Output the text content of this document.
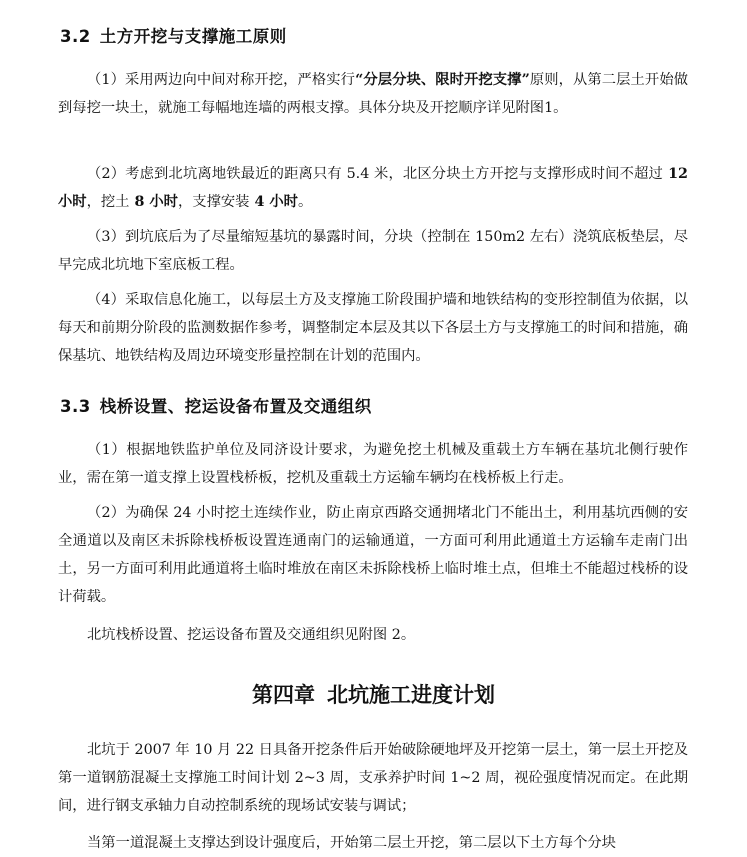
3.2 土方开挖与支撑施工原则

（1）采用两边向中间对称开挖，严格实行“分层分块、限时开挖支撑”原则，从第二层土开始做到每挖一块土，就施工每幅地连墙的两根支撑。具体分块及开挖顺序详见附图1。

（2）考虑到北坑离地铁最近的距离只有 5.4 米，北区分块土方开挖与支撑形成时间不超过 12 小时，挖土 8 小时，支撑安装 4 小时。

（3）到坑底后为了尽量缩短基坑的暴露时间，分块（控制在 150m2 左右）浇筑底板垫层，尽早完成北坑地下室底板工程。

（4）采取信息化施工，以每层土方及支撑施工阶段围护墙和地铁结构的变形控制值为依据，以每天和前期分阶段的监测数据作参考，调整制定本层及其以下各层土方与支撑施工的时间和措施，确保基坑、地铁结构及周边环境变形量控制在计划的范围内。

3.3 栈桥设置、挖运设备布置及交通组织

（1）根据地铁监护单位及同济设计要求，为避免挖土机械及重载土方车辆在基坑北侧行驶作业，需在第一道支撑上设置栈桥板，挖机及重载土方运输车辆均在栈桥板上行走。

（2）为确保 24 小时挖土连续作业，防止南京西路交通拥堵北门不能出土，利用基坑西侧的安全通道以及南区未拆除栈桥板设置连通南门的运输通道，一方面可利用此通道土方运输车走南门出土，另一方面可利用此通道将土临时堆放在南区未拆除栈桥上临时堆土点，但堆土不能超过栈桥的设计荷载。

北坑栈桥设置、挖运设备布置及交通组织见附图 2。

第四章 北坑施工进度计划

北坑于 2007 年 10 月 22 日具备开挖条件后开始破除硬地坪及开挖第一层土，第一层土开挖及第一道钢筋混凝土支撑施工时间计划 2~3 周，支承养护时间 1~2 周，视砼强度情况而定。在此期间，进行钢支承轴力自动控制系统的现场试安装与调试；

当第一道混凝土支撑达到设计强度后，开始第二层土开挖，第二层以下土方每个分块
